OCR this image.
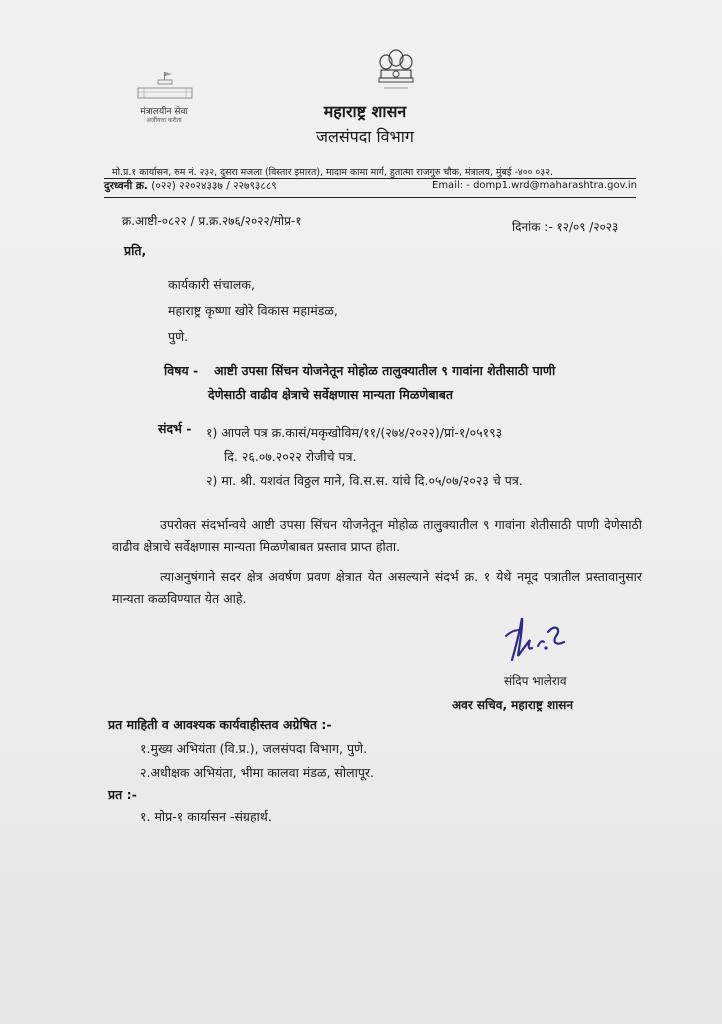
मंत्रालयीन सेवा
अर्जीयत्ता करीता	महाराष्ट्र शासन
जलसंपदा विभाग
मो.प्र.१ कार्यासन, रुम नं. २३२, दुसरा मजला (विस्तार इमारत), मादाम कामा मार्ग, हुतात्मा राजगुरु चौक, मंत्रालय, मुंबई -४०० ०३२.
दुरध्वनी क्र. (०२२) २२०२४३३७ / २२७९३८८९	Email: - domp1.wrd@maharashtra.gov.in
क्र.आष्टी-०८२२ / प्र.क्र.२७६/२०२२/मोप्र-१	दिनांक :- १२/०९ /२०२३
प्रति,
कार्यकारी संचालक,
महाराष्ट्र कृष्णा खोरे विकास महामंडळ,
पुणे.
विषय - आष्टी उपसा सिंचन योजनेतून मोहोळ तालुक्यातील ९ गावांना शेतीसाठी पाणी
देणेसाठी वाढीव क्षेत्राचे सर्वेक्षणास मान्यता मिळणेबाबत
संदर्भ - १) आपले पत्र क्र.कासं/मकृखोविम/११/(२७४/२०२२)/प्रां-१/०५१९३
दि. २६.०७.२०२२ रोजीचे पत्र.
२) मा. श्री. यशवंत विठ्ठल माने, वि.स.स. यांचे दि.०५/०७/२०२३ चे पत्र.
उपरोक्त संदर्भान्वये आष्टी उपसा सिंचन योजनेतून मोहोळ तालुक्यातील ९ गावांना शेतीसाठी पाणी देणेसाठी वाढीव क्षेत्राचे सर्वेक्षणास मान्यता मिळणेबाबत प्रस्ताव प्राप्त होता.
त्याअनुषंगाने सदर क्षेत्र अवर्षण प्रवण क्षेत्रात येत असल्याने संदर्भ क्र. १ येथे नमूद पत्रातील प्रस्तावानुसार मान्यता कळविण्यात येत आहे.
संदिप भालेराव
अवर सचिव, महाराष्ट्र शासन
प्रत माहिती व आवश्यक कार्यवाहीस्तव अग्रेषित :-
१.मुख्य अभियंता (वि.प्र.), जलसंपदा विभाग, पुणे.
२.अधीक्षक अभियंता, भीमा कालवा मंडळ, सोलापूर.
प्रत :-
१. मोप्र-१ कार्यासन -संग्रहार्थ.
